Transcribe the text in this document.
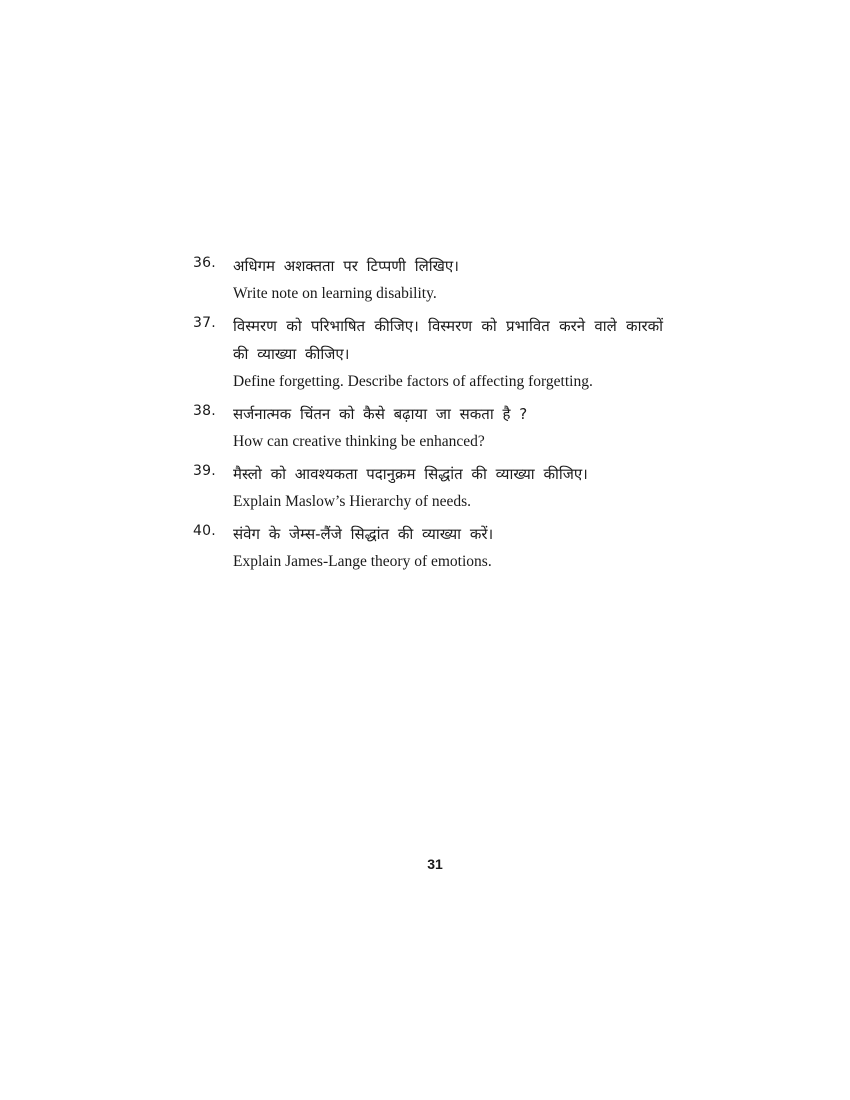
36. अधिगम अशक्तता पर टिप्पणी लिखिए।
Write note on learning disability.
37. विस्मरण को परिभाषित कीजिए। विस्मरण को प्रभावित करने वाले कारकों की व्याख्या कीजिए।
Define forgetting. Describe factors of affecting forgetting.
38. सर्जनात्मक चिंतन को कैसे बढ़ाया जा सकता है ?
How can creative thinking be enhanced?
39. मैस्लो को आवश्यकता पदानुक्रम सिद्धांत की व्याख्या कीजिए।
Explain Maslow’s Hierarchy of needs.
40. संवेग के जेम्स-लैंजे सिद्धांत की व्याख्या करें।
Explain James-Lange theory of emotions.
31
